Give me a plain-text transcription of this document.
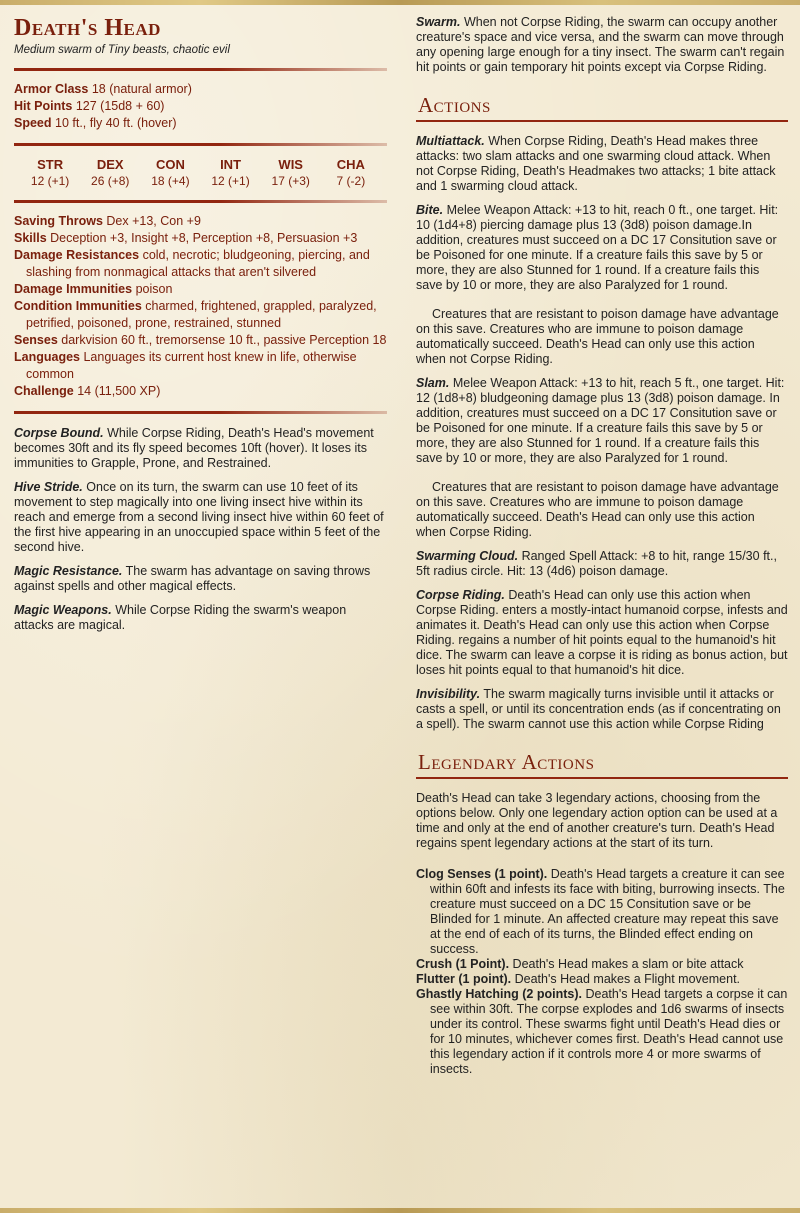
Death's Head

Medium swarm of Tiny beasts, chaotic evil

Armor Class 18 (natural armor)
Hit Points 127 (15d8 + 60)
Speed 10 ft., fly 40 ft. (hover)
STR
12 (+1)
DEX
26 (+8)
CON
18 (+4)
INT
12 (+1)
WIS
17 (+3)
CHA
7 (-2)
Saving Throws Dex +13, Con +9
Skills Deception +3, Insight +8, Perception +8, Persuasion +3
Damage Resistances cold, necrotic; bludgeoning, piercing, and slashing from nonmagical attacks that aren't silvered
Damage Immunities poison
Condition Immunities charmed, frightened, grappled, paralyzed, petrified, poisoned, prone, restrained, stunned
Senses darkvision 60 ft., tremorsense 10 ft., passive Perception 18
Languages Languages its current host knew in life, otherwise common
Challenge 14 (11,500 XP)

Corpse Bound. While Corpse Riding, Death's Head's movement becomes 30ft and its fly speed becomes 10ft (hover). It loses its immunities to Grapple, Prone, and Restrained.

Hive Stride. Once on its turn, the swarm can use 10 feet of its movement to step magically into one living insect hive within its reach and emerge from a second living insect hive within 60 feet of the first hive appearing in an unoccupied space within 5 feet of the second hive.

Magic Resistance. The swarm has advantage on saving throws against spells and other magical effects.

Magic Weapons. While Corpse Riding the swarm's weapon attacks are magical.

Swarm. When not Corpse Riding, the swarm can occupy another creature's space and vice versa, and the swarm can move through any opening large enough for a tiny insect. The swarm can't regain hit points or gain temporary hit points except via Corpse Riding.

Actions

Multiattack. When Corpse Riding, Death's Head makes three attacks: two slam attacks and one swarming cloud attack. When not Corpse Riding, Death's Headmakes two attacks; 1 bite attack and 1 swarming cloud attack.

Bite. Melee Weapon Attack: +13 to hit, reach 0 ft., one target. Hit: 10 (1d4+8) piercing damage plus 13 (3d8) poison damage.In addition, creatures must succeed on a DC 17 Consitution save or be Poisoned for one minute. If a creature fails this save by 5 or more, they are also Stunned for 1 round. If a creature fails this save by 10 or more, they are also Paralyzed for 1 round.

Creatures that are resistant to poison damage have advantage on this save. Creatures who are immune to poison damage automatically succeed. Death's Head can only use this action when not Corpse Riding.

Slam. Melee Weapon Attack: +13 to hit, reach 5 ft., one target. Hit: 12 (1d8+8) bludgeoning damage plus 13 (3d8) poison damage. In addition, creatures must succeed on a DC 17 Consitution save or be Poisoned for one minute. If a creature fails this save by 5 or more, they are also Stunned for 1 round. If a creature fails this save by 10 or more, they are also Paralyzed for 1 round.

Creatures that are resistant to poison damage have advantage on this save. Creatures who are immune to poison damage automatically succeed. Death's Head can only use this action when Corpse Riding.

Swarming Cloud. Ranged Spell Attack: +8 to hit, range 15/30 ft., 5ft radius circle. Hit: 13 (4d6) poison damage.

Corpse Riding. Death's Head can only use this action when Corpse Riding. enters a mostly-intact humanoid corpse, infests and animates it. Death's Head can only use this action when Corpse Riding. regains a number of hit points equal to the humanoid's hit dice. The swarm can leave a corpse it is riding as bonus action, but loses hit points equal to that humanoid's hit dice.

Invisibility. The swarm magically turns invisible until it attacks or casts a spell, or until its concentration ends (as if concentrating on a spell). The swarm cannot use this action while Corpse Riding

Legendary Actions

Death's Head can take 3 legendary actions, choosing from the options below. Only one legendary action option can be used at a time and only at the end of another creature's turn. Death's Head regains spent legendary actions at the start of its turn.

Clog Senses (1 point). Death's Head targets a creature it can see within 60ft and infests its face with biting, burrowing insects. The creature must succeed on a DC 15 Consitution save or be Blinded for 1 minute. An affected creature may repeat this save at the end of each of its turns, the Blinded effect ending on success.

Crush (1 Point). Death's Head makes a slam or bite attack

Flutter (1 point). Death's Head makes a Flight movement.

Ghastly Hatching (2 points). Death's Head targets a corpse it can see within 30ft. The corpse explodes and 1d6 swarms of insects under its control. These swarms fight until Death's Head dies or for 10 minutes, whichever comes first. Death's Head cannot use this legendary action if it controls more 4 or more swarms of insects.
